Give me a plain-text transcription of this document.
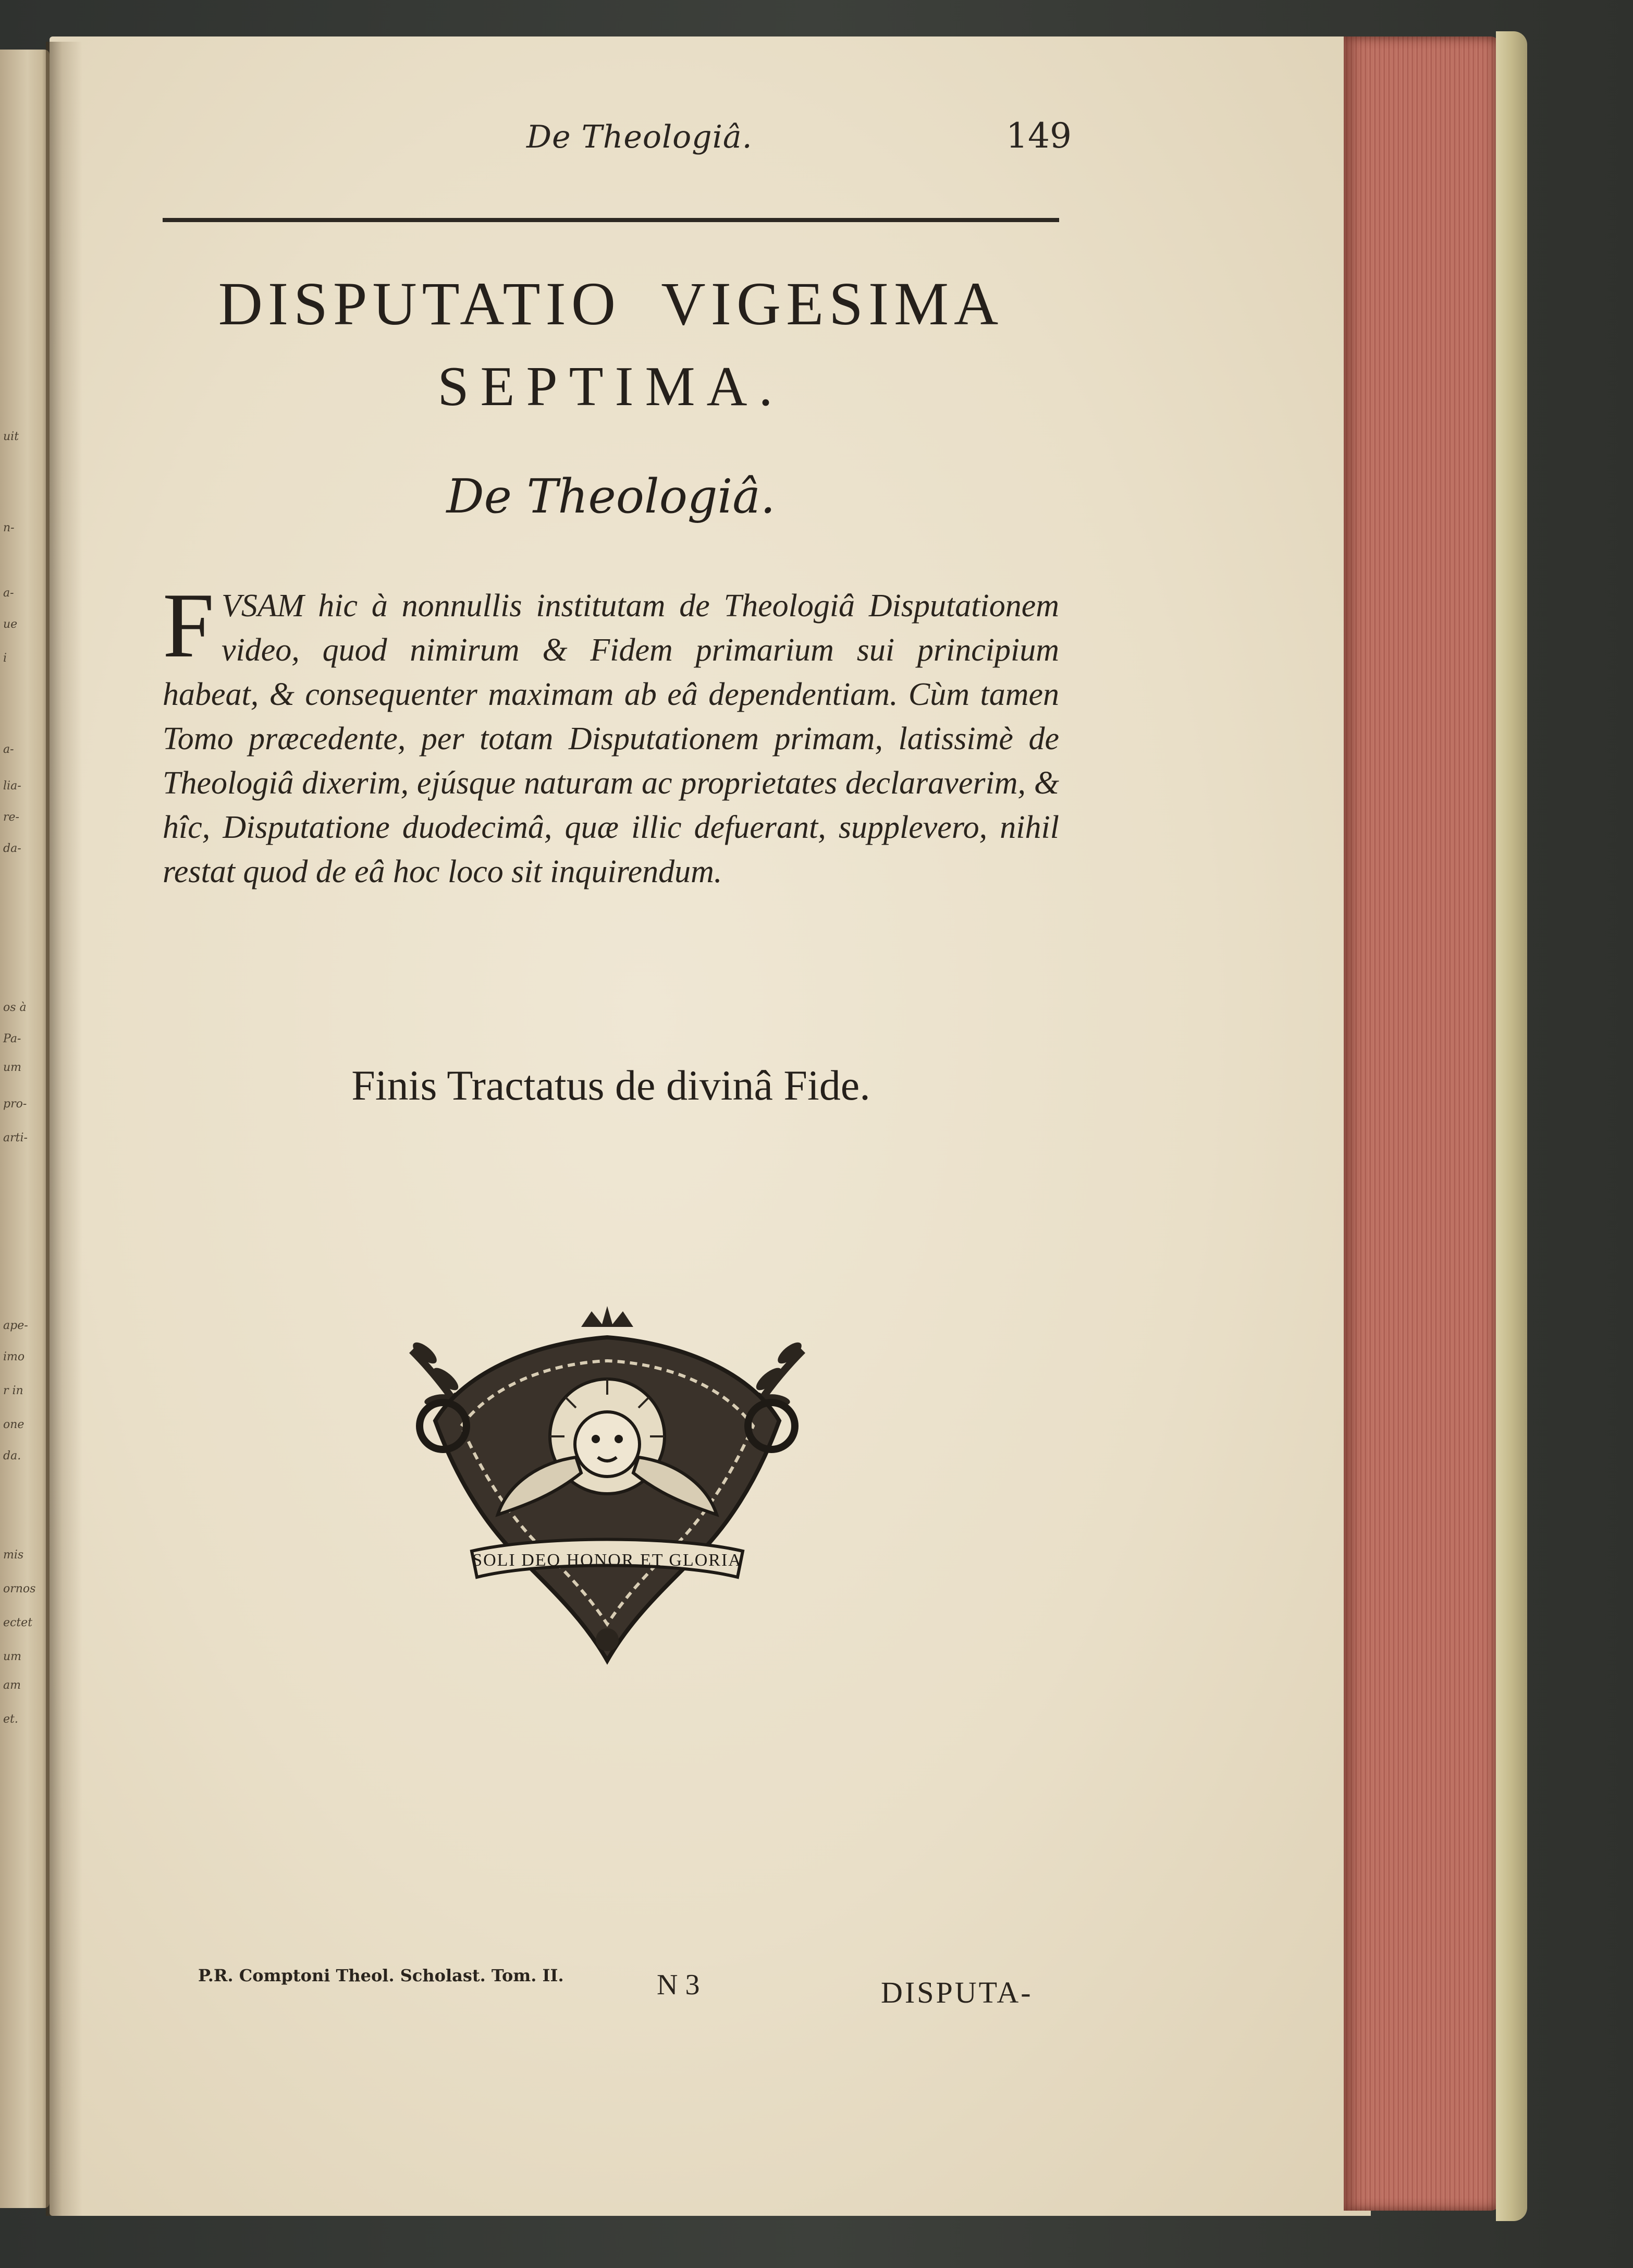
uit
n-
a-
ue
i
a-
lia-
re-
da-
os à
Pa-
um
pro-
arti-
ape-
imo
r in
one
da.
mis
ornos
ectet
um
am
et.
De Theologiâ.	149
DISPUTATIO VIGESIMA
SEPTIMA.
De Theologiâ.
F VSAM hic à nonnullis institutam de Theologiâ Disputationem video, quod nimirum & Fidem primarium sui principium habeat, & consequenter maximam ab eâ dependentiam. Cùm tamen Tomo præcedente, per totam Disputationem primam, latissimè de Theologiâ dixerim, ejúsque naturam ac proprietates declaraverim, & hîc, Disputatione duodecimâ, quæ illic defuerant, supplevero, nihil restat quod de eâ hoc loco sit inquirendum.
Finis Tractatus de divinâ Fide.
SOLI DEO HONOR ET GLORIA
P.R. Comptoni Theol. Scholast. Tom. II.	N 3	DISPUTA-
